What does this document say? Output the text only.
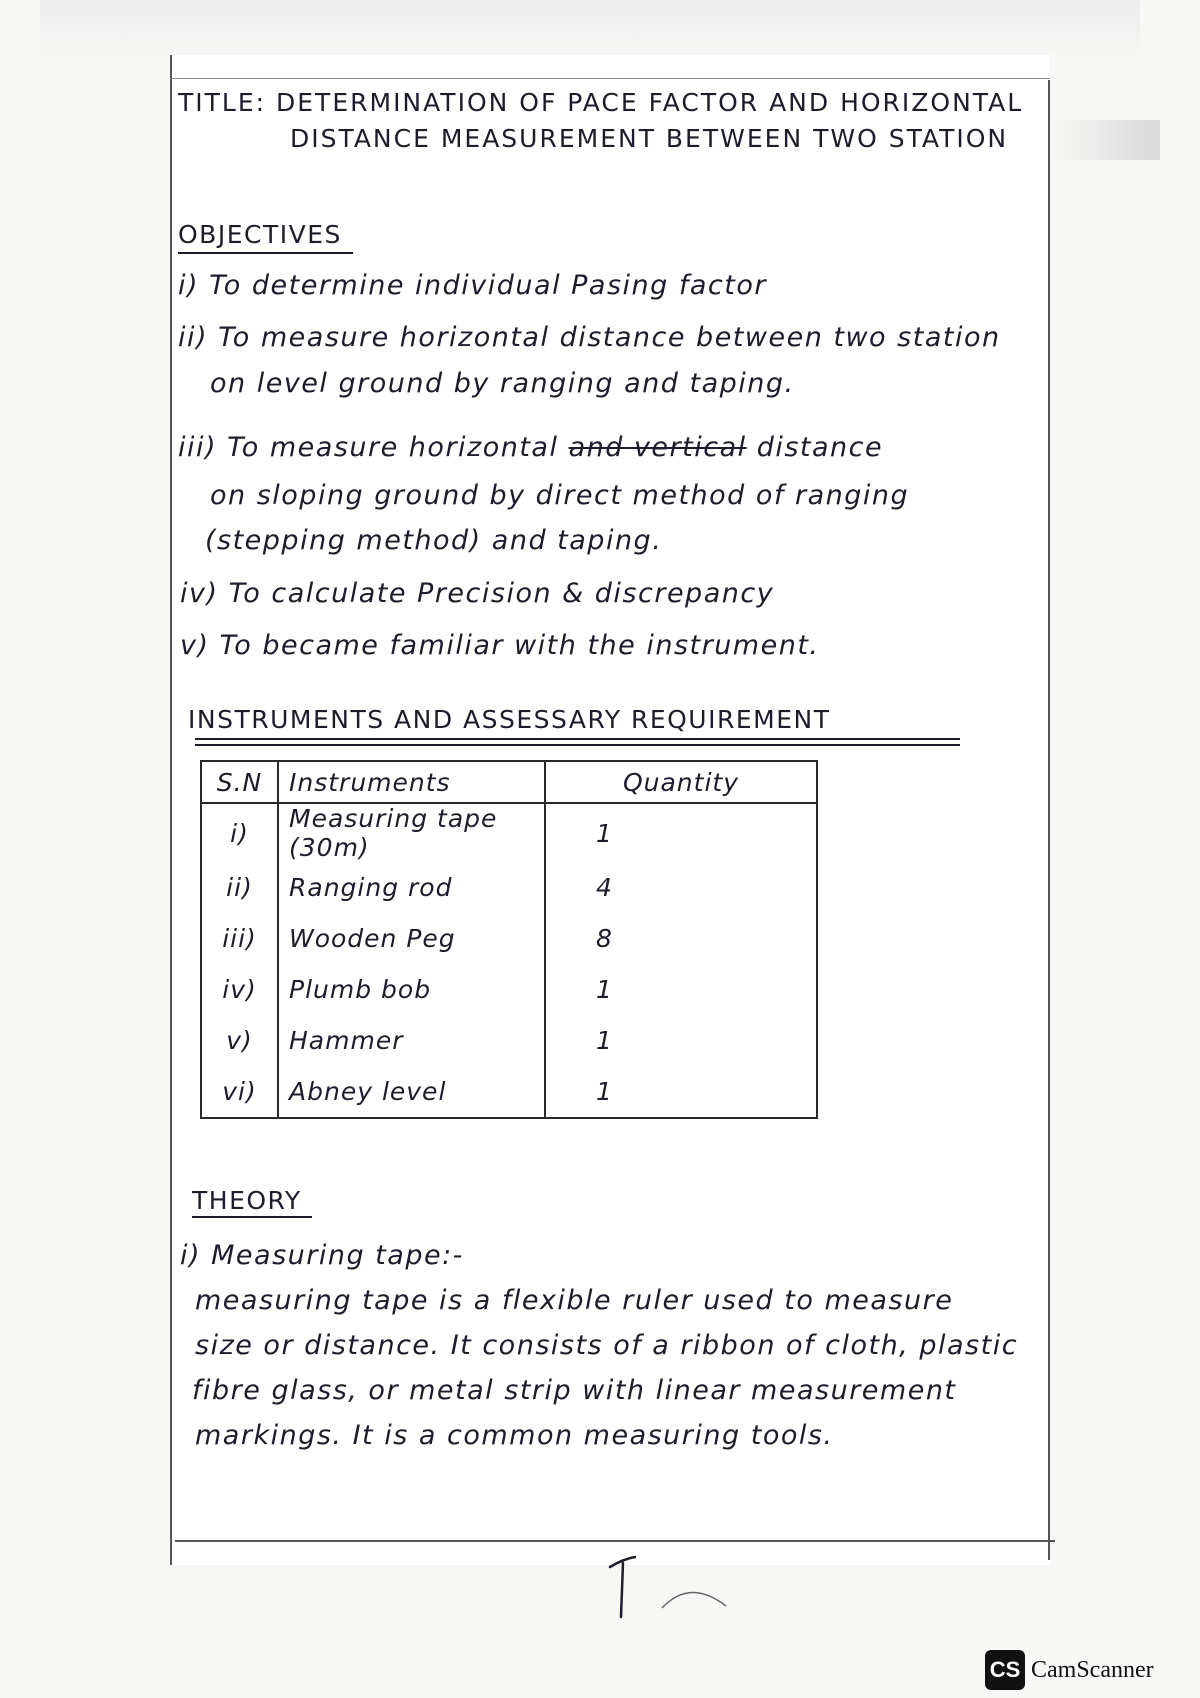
TITLE: DETERMINATION OF PACE FACTOR AND HORIZONTAL
DISTANCE MEASUREMENT BETWEEN TWO STATION
OBJECTIVES
i) To determine individual Pasing factor
ii) To measure horizontal distance between two station
on level ground by ranging and taping.
iii) To measure horizontal and vertical distance
on sloping ground by direct method of ranging
(stepping method) and taping.
iv) To calculate Precision & discrepancy
v) To became familiar with the instrument.
INSTRUMENTS AND ASSESSARY REQUIREMENT
S.N	Instruments	Quantity
i)	Measuring tape (30m)	1
ii)	Ranging rod	4
iii)	Wooden Peg	8
iv)	Plumb bob	1
v)	Hammer	1
vi)	Abney level	1
THEORY
i) Measuring tape:-
measuring tape is a flexible ruler used to measure
size or distance. It consists of a ribbon of cloth, plastic
fibre glass, or metal strip with linear measurement
markings. It is a common measuring tools.
CS CamScanner
